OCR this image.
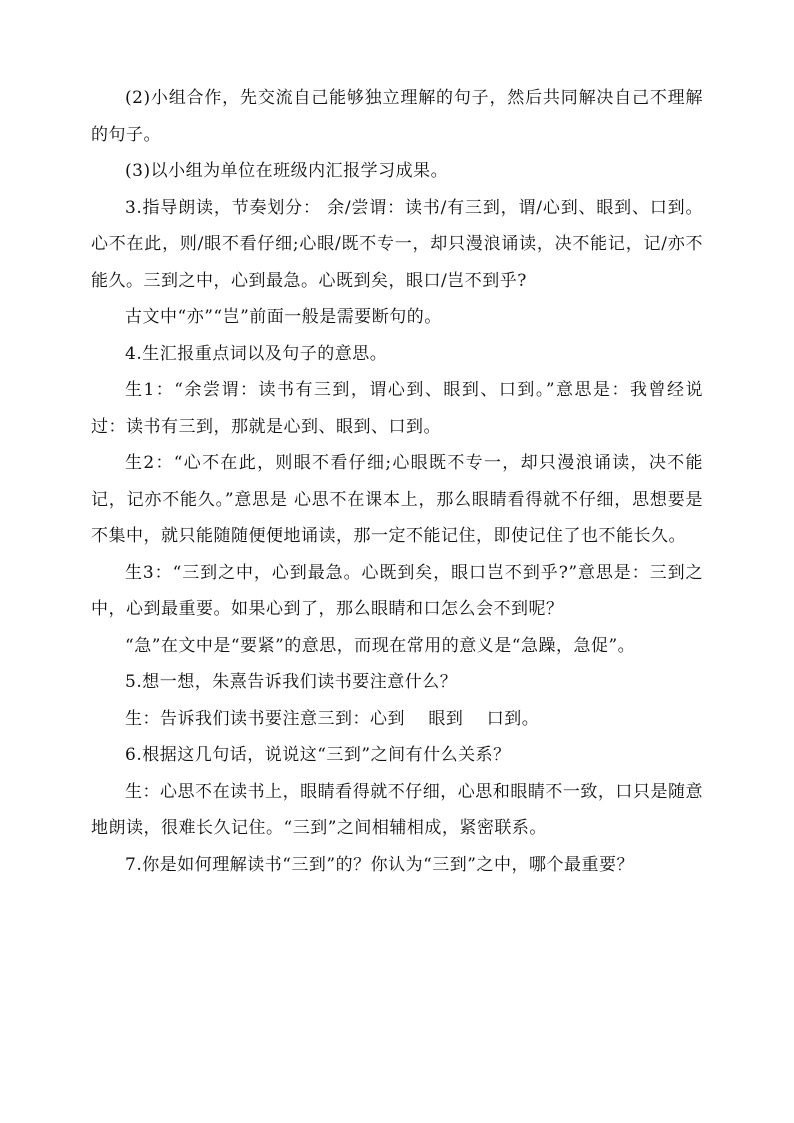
(2)小组合作，先交流自己能够独立理解的句子，然后共同解决自己不理解的句子。

(3)以小组为单位在班级内汇报学习成果。

3.指导朗读，节奏划分： 余/尝谓：读书/有三到，谓/心到、眼到、口到。心不在此，则/眼不看仔细;心眼/既不专一，却只漫浪诵读，决不能记，记/亦不能久。三到之中，心到最急。心既到矣，眼口/岂不到乎?

古文中“亦”“岂”前面一般是需要断句的。

4.生汇报重点词以及句子的意思。

生1：“余尝谓：读书有三到，谓心到、眼到、口到。”意思是：我曾经说过：读书有三到，那就是心到、眼到、口到。

生2：“心不在此，则眼不看仔细;心眼既不专一，却只漫浪诵读，决不能记，记亦不能久。”意思是 心思不在课本上，那么眼睛看得就不仔细，思想要是不集中，就只能随随便便地诵读，那一定不能记住，即使记住了也不能长久。

生3：“三到之中，心到最急。心既到矣，眼口岂不到乎?”意思是：三到之中，心到最重要。如果心到了，那么眼睛和口怎么会不到呢？

“急”在文中是“要紧”的意思，而现在常用的意义是“急躁，急促”。

5.想一想，朱熹告诉我们读书要注意什么？

生：告诉我们读书要注意三到：心到　 眼到　 口到。

6.根据这几句话，说说这“三到”之间有什么关系？

生：心思不在读书上，眼睛看得就不仔细，心思和眼睛不一致，口只是随意地朗读，很难长久记住。“三到”之间相辅相成，紧密联系。

7.你是如何理解读书“三到”的？你认为“三到”之中，哪个最重要？
